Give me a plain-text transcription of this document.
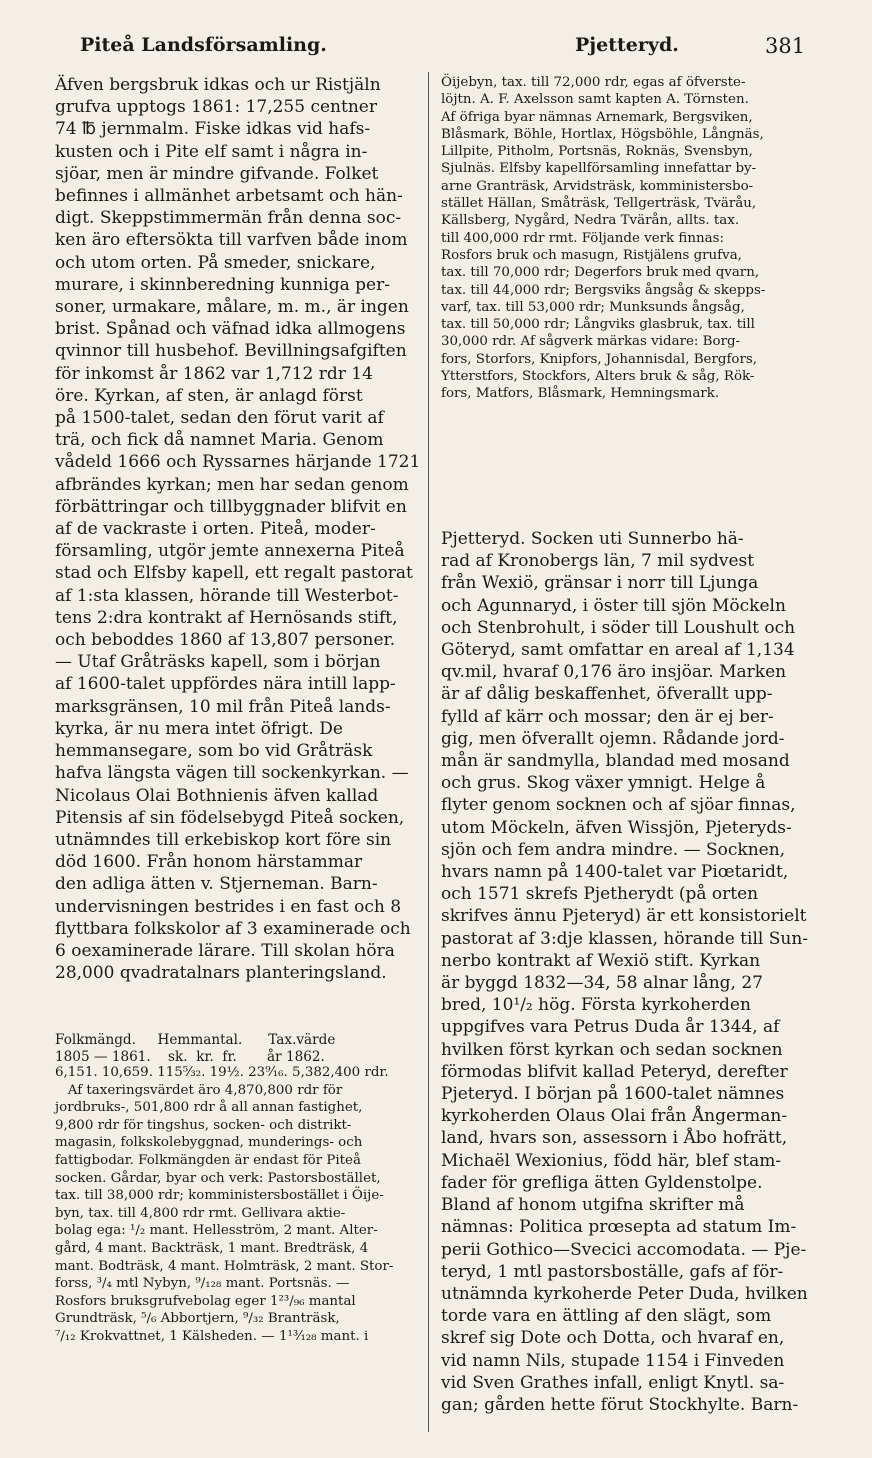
Piteå Landsförsamling.	Pjetteryd.	381
Äfven bergsbruk idkas och ur Ristjäln
grufva upptogs 1861: 17,255 centner
74 ℔ jernmalm. Fiske idkas vid hafs-
kusten och i Pite elf samt i några in-
sjöar, men är mindre gifvande. Folket
befinnes i allmänhet arbetsamt och hän-
digt. Skeppstimmermän från denna soc-
ken äro eftersökta till varfven både inom
och utom orten. På smeder, snickare,
murare, i skinnberedning kunniga per-
soner, urmakare, målare, m. m., är ingen
brist. Spånad och väfnad idka allmogens
qvinnor till husbehof. Bevillningsafgiften
för inkomst år 1862 var 1,712 rdr 14
öre. Kyrkan, af sten, är anlagd först
på 1500-talet, sedan den förut varit af
trä, och fick då namnet Maria. Genom
vådeld 1666 och Ryssarnes härjande 1721
afbrändes kyrkan; men har sedan genom
förbättringar och tillbyggnader blifvit en
af de vackraste i orten. Piteå, moder-
församling, utgör jemte annexerna Piteå
stad och Elfsby kapell, ett regalt pastorat
af 1:sta klassen, hörande till Westerbot-
tens 2:dra kontrakt af Hernösands stift,
och beboddes 1860 af 13,807 personer.
— Utaf Gråträsks kapell, som i början
af 1600-talet uppfördes nära intill lapp-
marksgränsen, 10 mil från Piteå lands-
kyrka, är nu mera intet öfrigt. De
hemmansegare, som bo vid Gråträsk
hafva längsta vägen till sockenkyrkan. —
Nicolaus Olai Bothnienis äfven kallad
Pitensis af sin födelsebygd Piteå socken,
utnämndes till erkebiskop kort före sin
död 1600. Från honom härstammar
den adliga ätten v. Stjerneman. Barn-
undervisningen bestrides i en fast och 8
flyttbara folkskolor af 3 examinerade och
6 oexaminerade lärare. Till skolan höra
28,000 qvadratalnars planteringsland.
Folkmängd.     Hemmantal.      Tax.värde
1805 — 1861.    sk.  kr.  fr.       år 1862.
6,151. 10,659. 115⁵⁄₃₂. 19½. 23⁹⁄₁₆. 5,382,400 rdr.
Af taxeringsvärdet äro 4,870,800 rdr för
jordbruks-, 501,800 rdr å all annan fastighet,
9,800 rdr för tingshus, socken- och distrikt-
magasin, folkskolebyggnad, munderings- och
fattigbodar. Folkmängden är endast för Piteå
socken. Gårdar, byar och verk: Pastorsbostället,
tax. till 38,000 rdr; komministersbostället i Öije-
byn, tax. till 4,800 rdr rmt. Gellivara aktie-
bolag ega: ¹/₂ mant. Hellesström, 2 mant. Alter-
gård, 4 mant. Backträsk, 1 mant. Bredträsk, 4
mant. Bodträsk, 4 mant. Holmträsk, 2 mant. Stor-
forss, ³/₄ mtl Nybyn, ⁹/₁₂₈ mant. Portsnäs. —
Rosfors bruksgrufvebolag eger 1²³/₉₆ mantal
Grundträsk, ⁵/₆ Abbortjern, ⁹/₃₂ Branträsk,
⁷/₁₂ Krokvattnet, 1 Kälsheden. — 1¹³⁄₁₂₈ mant. i
Öijebyn, tax. till 72,000 rdr, egas af öfverste-
löjtn. A. F. Axelsson samt kapten A. Törnsten.
Af öfriga byar nämnas Arnemark, Bergsviken,
Blåsmark, Böhle, Hortlax, Högsböhle, Långnäs,
Lillpite, Pitholm, Portsnäs, Roknäs, Svensbyn,
Sjulnäs. Elfsby kapellförsamling innefattar by-
arne Granträsk, Arvidsträsk, komministersbo-
stället Hällan, Småträsk, Tellgerträsk, Tväråu,
Källsberg, Nygård, Nedra Tvärån, allts. tax.
till 400,000 rdr rmt. Följande verk finnas:
Rosfors bruk och masugn, Ristjälens grufva,
tax. till 70,000 rdr; Degerfors bruk med qvarn,
tax. till 44,000 rdr; Bergsviks ångsåg & skepps-
varf, tax. till 53,000 rdr; Munksunds ångsåg,
tax. till 50,000 rdr; Långviks glasbruk, tax. till
30,000 rdr. Af sågverk märkas vidare: Borg-
fors, Storfors, Knipfors, Johannisdal, Bergfors,
Ytterstfors, Stockfors, Alters bruk & såg, Rök-
fors, Matfors, Blåsmark, Hemningsmark.
Pjetteryd. Socken uti Sunnerbo hä-
rad af Kronobergs län, 7 mil sydvest
från Wexiö, gränsar i norr till Ljunga
och Agunnaryd, i öster till sjön Möckeln
och Stenbrohult, i söder till Loushult och
Göteryd, samt omfattar en areal af 1,134
qv.mil, hvaraf 0,176 äro insjöar. Marken
är af dålig beskaffenhet, öfverallt upp-
fylld af kärr och mossar; den är ej ber-
gig, men öfverallt ojemn. Rådande jord-
mån är sandmylla, blandad med mosand
och grus. Skog växer ymnigt. Helge å
flyter genom socknen och af sjöar finnas,
utom Möckeln, äfven Wissjön, Pjeteryds-
sjön och fem andra mindre. — Socknen,
hvars namn på 1400-talet var Piœtaridt,
och 1571 skrefs Pjetherydt (på orten
skrifves ännu Pjeteryd) är ett konsistorielt
pastorat af 3:dje klassen, hörande till Sun-
nerbo kontrakt af Wexiö stift. Kyrkan
är byggd 1832—34, 58 alnar lång, 27
bred, 10¹/₂ hög. Första kyrkoherden
uppgifves vara Petrus Duda år 1344, af
hvilken först kyrkan och sedan socknen
förmodas blifvit kallad Peteryd, derefter
Pjeteryd. I början på 1600-talet nämnes
kyrkoherden Olaus Olai från Ångerman-
land, hvars son, assessorn i Åbo hofrätt,
Michaël Wexionius, född här, blef stam-
fader för grefliga ätten Gyldenstolpe.
Bland af honom utgifna skrifter må
nämnas: Politica prœsepta ad statum Im-
perii Gothico—Svecici accomodata. — Pje-
teryd, 1 mtl pastorsboställe, gafs af för-
utnämnda kyrkoherde Peter Duda, hvilken
torde vara en ättling af den slägt, som
skref sig Dote och Dotta, och hvaraf en,
vid namn Nils, stupade 1154 i Finveden
vid Sven Grathes infall, enligt Knytl. sa-
gan; gården hette förut Stockhylte. Barn-
